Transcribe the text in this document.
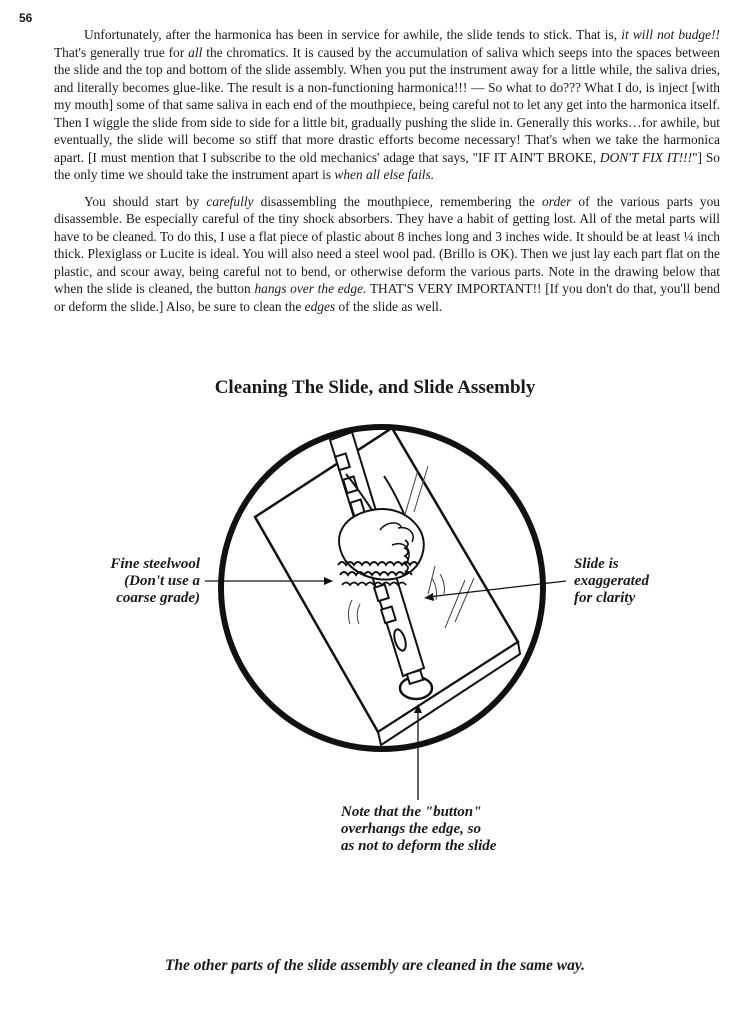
56

Unfortunately, after the harmonica has been in service for awhile, the slide tends to stick. That is, it will not budge!! That's generally true for all the chromatics. It is caused by the accumulation of saliva which seeps into the spaces between the slide and the top and bottom of the slide assembly. When you put the instrument away for a little while, the saliva dries, and literally becomes glue-like. The result is a non-functioning harmonica!!! — So what to do??? What I do, is inject [with my mouth] some of that same saliva in each end of the mouthpiece, being careful not to let any get into the harmonica itself. Then I wiggle the slide from side to side for a little bit, gradually pushing the slide in. Generally this works…for awhile, but eventually, the slide will become so stiff that more drastic efforts become necessary! That's when we take the harmonica apart. [I must mention that I subscribe to the old mechanics' adage that says, "IF IT AIN'T BROKE, DON'T FIX IT!!!"] So the only time we should take the instrument apart is when all else fails.

You should start by carefully disassembling the mouthpiece, remembering the order of the various parts you disassemble. Be especially careful of the tiny shock absorbers. They have a habit of getting lost. All of the metal parts will have to be cleaned. To do this, I use a flat piece of plastic about 8 inches long and 3 inches wide. It should be at least ¼ inch thick. Plexiglass or Lucite is ideal. You will also need a steel wool pad. (Brillo is OK). Then we just lay each part flat on the plastic, and scour away, being careful not to bend, or otherwise deform the various parts. Note in the drawing below that when the slide is cleaned, the button hangs over the edge. THAT'S VERY IMPORTANT!! [If you don't do that, you'll bend or deform the slide.] Also, be sure to clean the edges of the slide as well.

Cleaning The Slide, and Slide Assembly
Fine steelwool
(Don't use a
coarse grade)
Slide is
exaggerated
for clarity
Note that the "button"
overhangs the edge, so
as not to deform the slide
The other parts of the slide assembly are cleaned in the same way.
